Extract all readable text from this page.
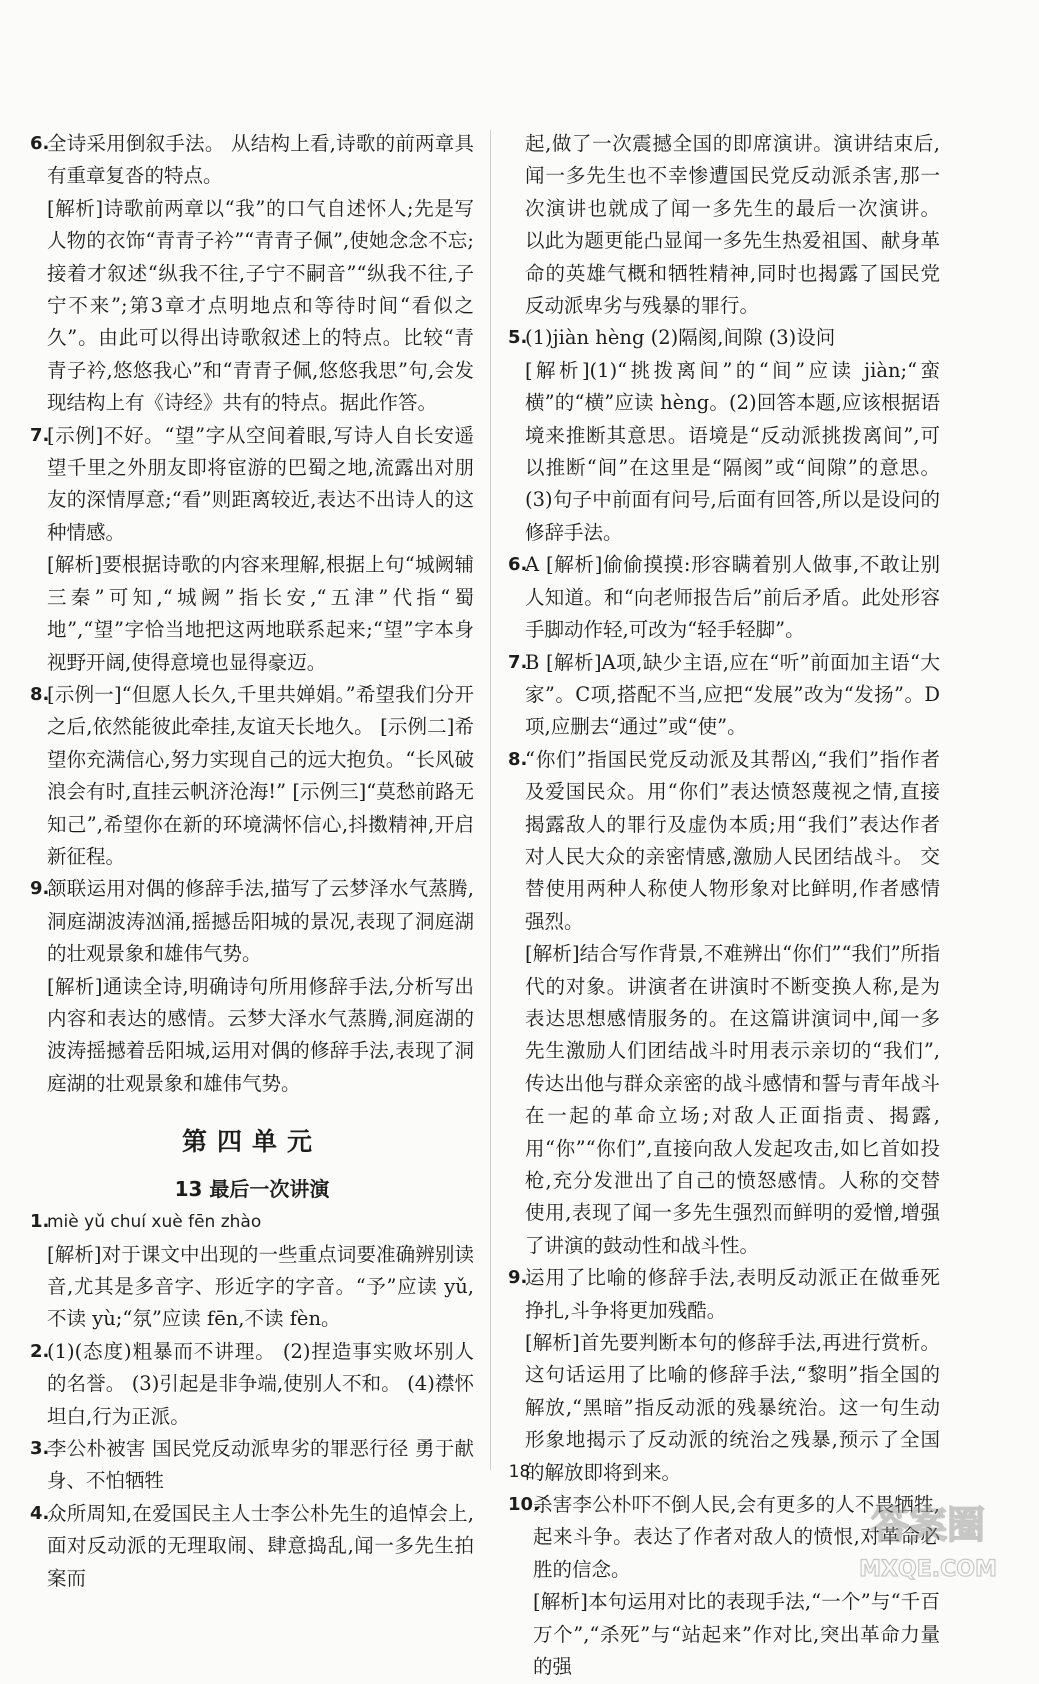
6.

全诗采用倒叙手法。 从结构上看,诗歌的前两章具有重章复沓的特点。

[解析]诗歌前两章以“我”的口气自述怀人;先是写人物的衣饰“青青子衿”“青青子佩”,使她念念不忘;接着才叙述“纵我不往,子宁不嗣音”“纵我不往,子宁不来”;第3章才点明地点和等待时间“看似之久”。由此可以得出诗歌叙述上的特点。比较“青青子衿,悠悠我心”和“青青子佩,悠悠我思”句,会发现结构上有《诗经》共有的特点。据此作答。

7.

[示例]不好。“望”字从空间着眼,写诗人自长安遥望千里之外朋友即将宦游的巴蜀之地,流露出对朋友的深情厚意;“看”则距离较近,表达不出诗人的这种情感。

[解析]要根据诗歌的内容来理解,根据上句“城阙辅三秦”可知,“城阙”指长安,“五津”代指“蜀地”,“望”字恰当地把这两地联系起来;“望”字本身视野开阔,使得意境也显得豪迈。

8.

[示例一]“但愿人长久,千里共婵娟。”希望我们分开之后,依然能彼此牵挂,友谊天长地久。 [示例二]希望你充满信心,努力实现自己的远大抱负。“长风破浪会有时,直挂云帆济沧海!” [示例三]“莫愁前路无知己”,希望你在新的环境满怀信心,抖擞精神,开启新征程。

9.

颔联运用对偶的修辞手法,描写了云梦泽水气蒸腾,洞庭湖波涛汹涌,摇撼岳阳城的景况,表现了洞庭湖的壮观景象和雄伟气势。

[解析]通读全诗,明确诗句所用修辞手法,分析写出内容和表达的感情。云梦大泽水气蒸腾,洞庭湖的波涛摇撼着岳阳城,运用对偶的修辞手法,表现了洞庭湖的壮观景象和雄伟气势。

第四单元
13 最后一次讲演
1.

miè yǔ chuí xuè fēn zhào

[解析]对于课文中出现的一些重点词要准确辨别读音,尤其是多音字、形近字的字音。“予”应读 yǔ,不读 yù;“氛”应读 fēn,不读 fèn。

2.

(1)(态度)粗暴而不讲理。 (2)捏造事实败坏别人的名誉。 (3)引起是非争端,使别人不和。 (4)襟怀坦白,行为正派。

3.

李公朴被害 国民党反动派卑劣的罪恶行径 勇于献身、不怕牺牲

4.

众所周知,在爱国民主人士李公朴先生的追悼会上,面对反动派的无理取闹、肆意捣乱,闻一多先生拍案而

起,做了一次震撼全国的即席演讲。演讲结束后,闻一多先生也不幸惨遭国民党反动派杀害,那一次演讲也就成了闻一多先生的最后一次演讲。 以此为题更能凸显闻一多先生热爱祖国、献身革命的英雄气概和牺牲精神,同时也揭露了国民党反动派卑劣与残暴的罪行。

5.

(1)jiàn hèng (2)隔阂,间隙 (3)设问

[解析](1)“挑拨离间”的“间”应读 jiàn;“蛮横”的“横”应读 hèng。(2)回答本题,应该根据语境来推断其意思。语境是“反动派挑拨离间”,可以推断“间”在这里是“隔阂”或“间隙”的意思。(3)句子中前面有问号,后面有回答,所以是设问的修辞手法。

6.

A [解析]偷偷摸摸:形容瞒着别人做事,不敢让别人知道。和“向老师报告后”前后矛盾。此处形容手脚动作轻,可改为“轻手轻脚”。

7.

B [解析]A项,缺少主语,应在“听”前面加主语“大家”。C项,搭配不当,应把“发展”改为“发扬”。D项,应删去“通过”或“使”。

8.

“你们”指国民党反动派及其帮凶,“我们”指作者及爱国民众。用“你们”表达愤怒蔑视之情,直接揭露敌人的罪行及虚伪本质;用“我们”表达作者对人民大众的亲密情感,激励人民团结战斗。 交替使用两种人称使人物形象对比鲜明,作者感情强烈。

[解析]结合写作背景,不难辨出“你们”“我们”所指代的对象。讲演者在讲演时不断变换人称,是为表达思想感情服务的。在这篇讲演词中,闻一多先生激励人们团结战斗时用表示亲切的“我们”,传达出他与群众亲密的战斗感情和誓与青年战斗在一起的革命立场;对敌人正面指责、揭露,用“你”“你们”,直接向敌人发起攻击,如匕首如投枪,充分发泄出了自己的愤怒感情。人称的交替使用,表现了闻一多先生强烈而鲜明的爱憎,增强了讲演的鼓动性和战斗性。

9.

运用了比喻的修辞手法,表明反动派正在做垂死挣扎,斗争将更加残酷。

[解析]首先要判断本句的修辞手法,再进行赏析。这句话运用了比喻的修辞手法,“黎明”指全国的解放,“黑暗”指反动派的残暴统治。这一句生动形象地揭示了反动派的统治之残暴,预示了全国的解放即将到来。

10.

杀害李公朴吓不倒人民,会有更多的人不畏牺牲,起来斗争。表达了作者对敌人的愤恨,对革命必胜的信念。

[解析]本句运用对比的表现手法,“一个”与“千百万个”,“杀死”与“站起来”作对比,突出革命力量的强

18
答案圈
MXQE.COM
